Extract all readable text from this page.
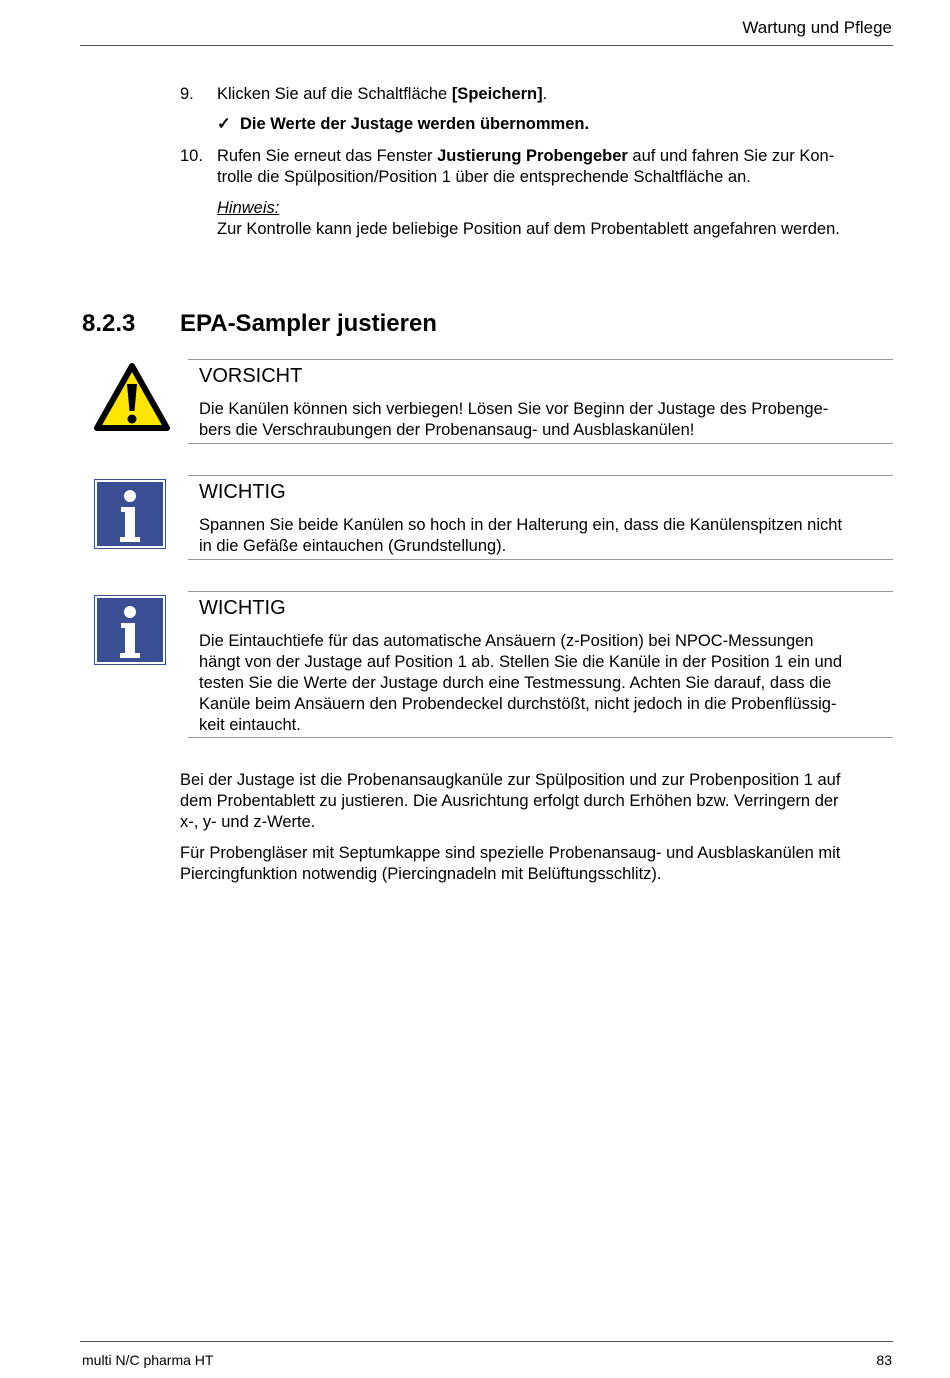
Wartung und Pflege
9. Klicken Sie auf die Schaltfläche [Speichern].
✓ Die Werte der Justage werden übernommen.
10. Rufen Sie erneut das Fenster Justierung Probengeber auf und fahren Sie zur Kon-
trolle die Spülposition/Position 1 über die entsprechende Schaltfläche an.
Hinweis:
Zur Kontrolle kann jede beliebige Position auf dem Probentablett angefahren werden.
8.2.3 EPA-Sampler justieren
VORSICHT
Die Kanülen können sich verbiegen! Lösen Sie vor Beginn der Justage des Probenge-
bers die Verschraubungen der Probenansaug- und Ausblaskanülen!
WICHTIG
Spannen Sie beide Kanülen so hoch in der Halterung ein, dass die Kanülenspitzen nicht
in die Gefäße eintauchen (Grundstellung).
WICHTIG
Die Eintauchtiefe für das automatische Ansäuern (z-Position) bei NPOC-Messungen
hängt von der Justage auf Position 1 ab. Stellen Sie die Kanüle in der Position 1 ein und
testen Sie die Werte der Justage durch eine Testmessung. Achten Sie darauf, dass die
Kanüle beim Ansäuern den Probendeckel durchstößt, nicht jedoch in die Probenflüssig-
keit eintaucht.
Bei der Justage ist die Probenansaugkanüle zur Spülposition und zur Probenposition 1 auf
dem Probentablett zu justieren. Die Ausrichtung erfolgt durch Erhöhen bzw. Verringern der
x-, y- und z-Werte.
Für Probengläser mit Septumkappe sind spezielle Probenansaug- und Ausblaskanülen mit
Piercingfunktion notwendig (Piercingnadeln mit Belüftungsschlitz).
multi N/C pharma HT	83
